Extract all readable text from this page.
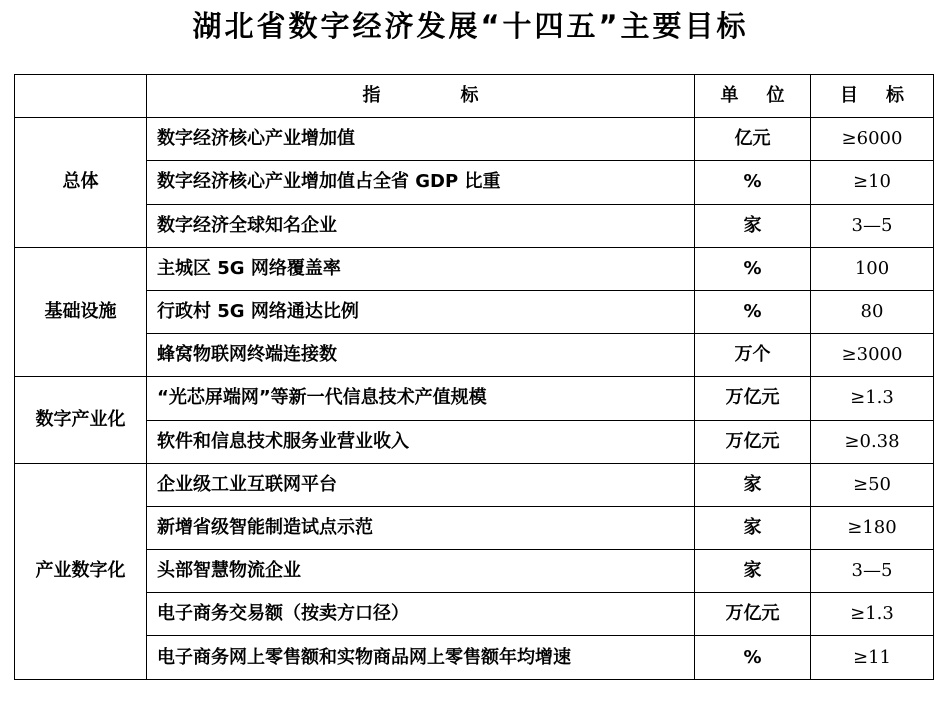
湖北省数字经济发展“十四五”主要目标
	指 标	单 位	目 标
总体	数字经济核心产业增加值	亿元	≥6000
	数字经济核心产业增加值占全省 GDP 比重	%	≥10
	数字经济全球知名企业	家	3—5
基础设施	主城区 5G 网络覆盖率	%	100
	行政村 5G 网络通达比例	%	80
	蜂窝物联网终端连接数	万个	≥3000
数字产业化	“光芯屏端网”等新一代信息技术产值规模	万亿元	≥1.3
	软件和信息技术服务业营业收入	万亿元	≥0.38
产业数字化	企业级工业互联网平台	家	≥50
	新增省级智能制造试点示范	家	≥180
	头部智慧物流企业	家	3—5
	电子商务交易额（按卖方口径）	万亿元	≥1.3
	电子商务网上零售额和实物商品网上零售额年均增速	%	≥11
